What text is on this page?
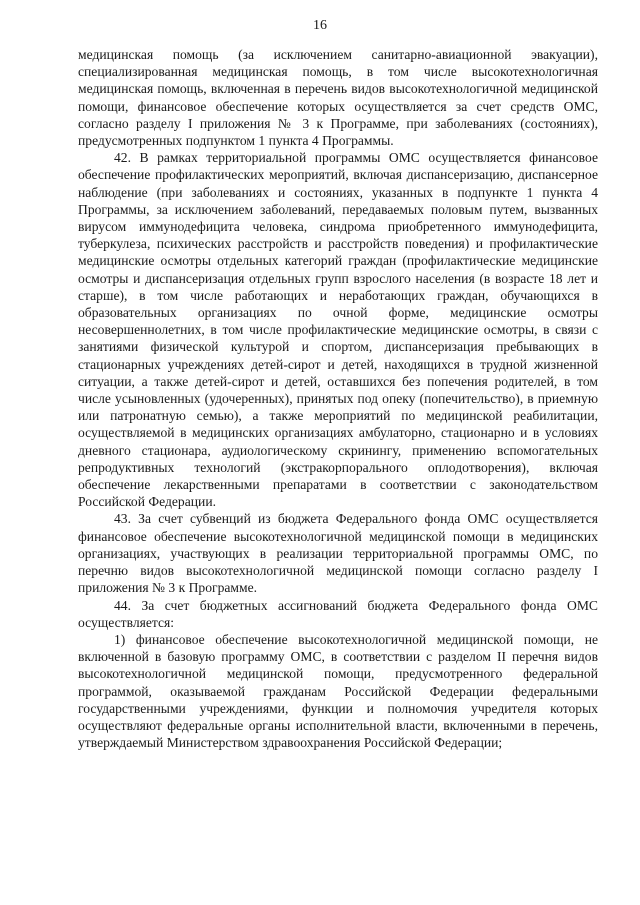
16

медицинская помощь (за исключением санитарно-авиационной эвакуации), специализированная медицинская помощь, в том числе высокотехнологичная медицинская помощь, включенная в перечень видов высокотехнологичной медицинской помощи, финансовое обеспечение которых осуществляется за счет средств ОМС, согласно разделу I приложения № 3 к Программе, при заболеваниях (состояниях), предусмотренных подпунктом 1 пункта 4 Программы.

42. В рамках территориальной программы ОМС осуществляется финансовое обеспечение профилактических мероприятий, включая диспансеризацию, диспансерное наблюдение (при заболеваниях и состояниях, указанных в подпункте 1 пункта 4 Программы, за исключением заболеваний, передаваемых половым путем, вызванных вирусом иммунодефицита человека, синдрома приобретенного иммунодефицита, туберкулеза, психических расстройств и расстройств поведения) и профилактические медицинские осмотры отдельных категорий граждан (профилактические медицинские осмотры и диспансеризация отдельных групп взрослого населения (в возрасте 18 лет и старше), в том числе работающих и неработающих граждан, обучающихся в образовательных организациях по очной форме, медицинские осмотры несовершеннолетних, в том числе профилактические медицинские осмотры, в связи с занятиями физической культурой и спортом, диспансеризация пребывающих в стационарных учреждениях детей-сирот и детей, находящихся в трудной жизненной ситуации, а также детей-сирот и детей, оставшихся без попечения родителей, в том числе усыновленных (удочеренных), принятых под опеку (попечительство), в приемную или патронатную семью), а также мероприятий по медицинской реабилитации, осуществляемой в медицинских организациях амбулаторно, стационарно и в условиях дневного стационара, аудиологическому скринингу, применению вспомогательных репродуктивных технологий (экстракорпорального оплодотворения), включая обеспечение лекарственными препаратами в соответствии с законодательством Российской Федерации.

43. За счет субвенций из бюджета Федерального фонда ОМС осуществляется финансовое обеспечение высокотехнологичной медицинской помощи в медицинских организациях, участвующих в реализации территориальной программы ОМС, по перечню видов высокотехнологичной медицинской помощи согласно разделу I приложения № 3 к Программе.

44. За счет бюджетных ассигнований бюджета Федерального фонда ОМС осуществляется:

1) финансовое обеспечение высокотехнологичной медицинской помощи, не включенной в базовую программу ОМС, в соответствии с разделом II перечня видов высокотехнологичной медицинской помощи, предусмотренного федеральной программой, оказываемой гражданам Российской Федерации федеральными государственными учреждениями, функции и полномочия учредителя которых осуществляют федеральные органы исполнительной власти, включенными в перечень, утверждаемый Министерством здравоохранения Российской Федерации;
